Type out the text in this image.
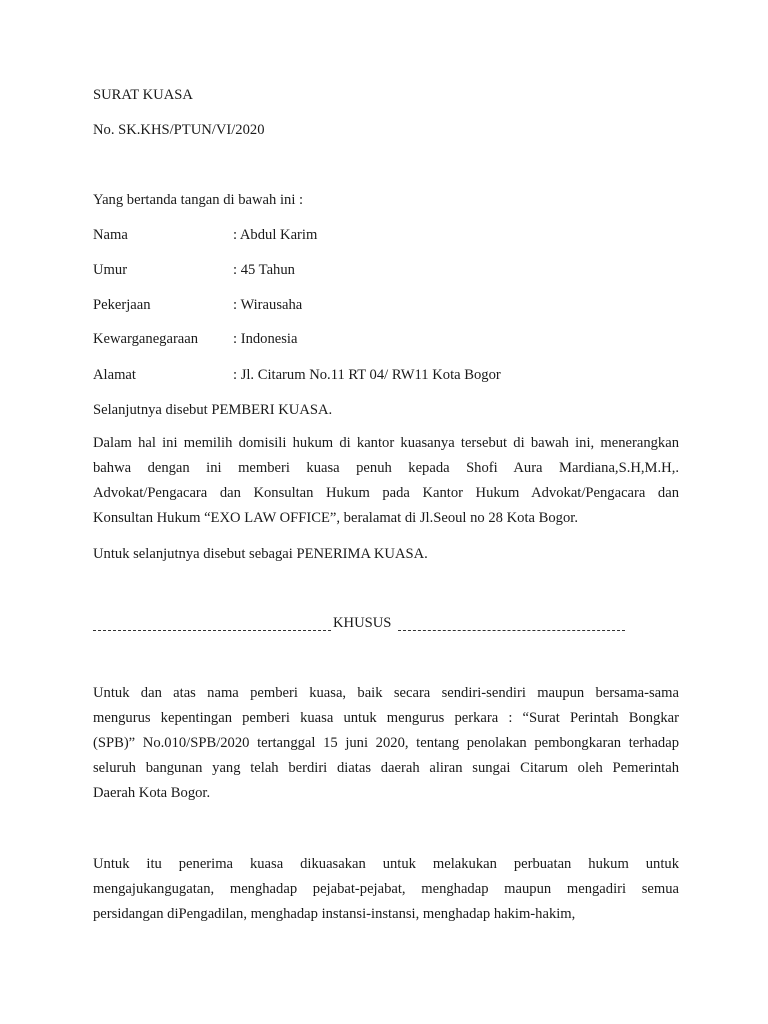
SURAT KUASA
No. SK.KHS/PTUN/VI/2020
Yang bertanda tangan di bawah ini :
Nama	: Abdul Karim
Umur	: 45 Tahun
Pekerjaan	: Wirausaha
Kewarganegaraan : Indonesia
Alamat	: Jl. Citarum No.11 RT 04/ RW11 Kota Bogor
Selanjutnya disebut PEMBERI KUASA.
Dalam hal ini memilih domisili hukum di kantor kuasanya tersebut di bawah ini, menerangkan
bahwa dengan ini memberi kuasa penuh kepada Shofi Aura Mardiana,S.H,M.H,.
Advokat/Pengacara dan Konsultan Hukum pada Kantor Hukum Advokat/Pengacara dan
Konsultan Hukum “EXO LAW OFFICE”, beralamat di Jl.Seoul no 28 Kota Bogor.
Untuk selanjutnya disebut sebagai PENERIMA KUASA.
KHUSUS
Untuk dan atas nama pemberi kuasa, baik secara sendiri-sendiri maupun bersama-sama
mengurus kepentingan pemberi kuasa untuk mengurus perkara : “Surat Perintah Bongkar
(SPB)” No.010/SPB/2020 tertanggal 15 juni 2020, tentang penolakan pembongkaran terhadap
seluruh bangunan yang telah berdiri diatas daerah aliran sungai Citarum oleh Pemerintah
Daerah Kota Bogor.
Untuk itu penerima kuasa dikuasakan untuk melakukan perbuatan hukum untuk
mengajukangugatan, menghadap pejabat-pejabat, menghadap maupun mengadiri semua
persidangan diPengadilan, menghadap instansi-instansi, menghadap hakim-hakim,
